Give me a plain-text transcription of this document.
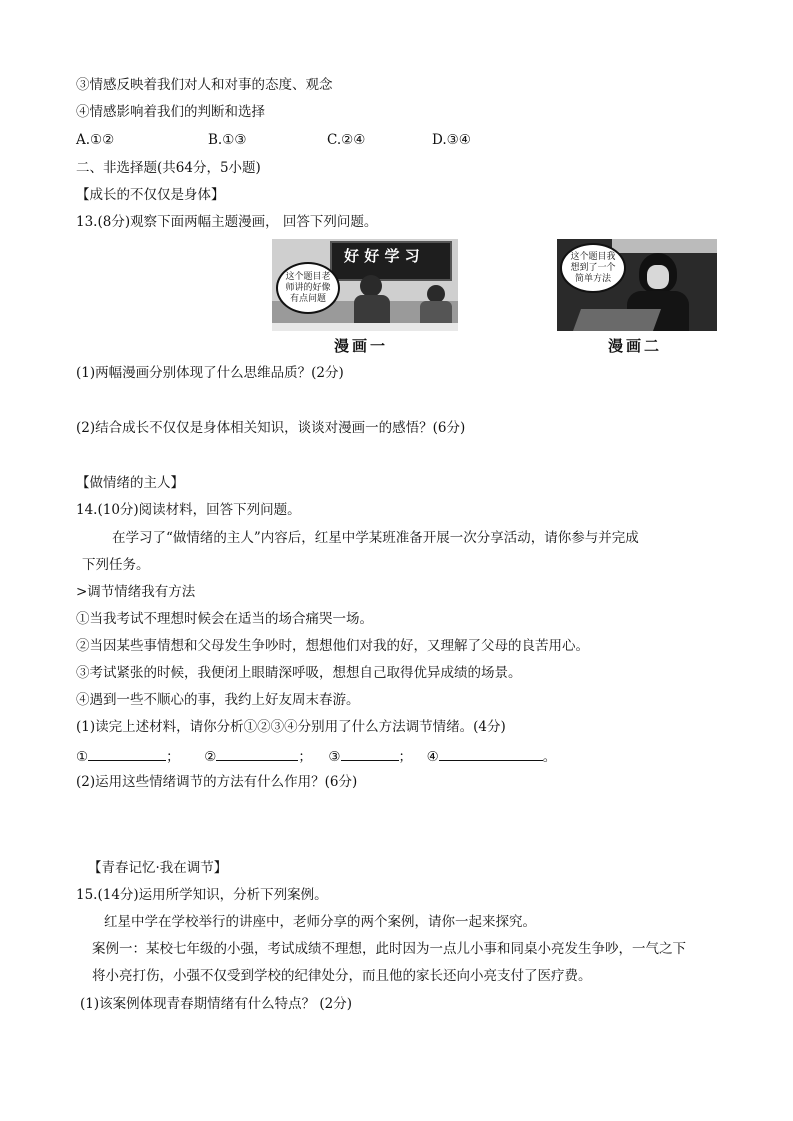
③情感反映着我们对人和对事的态度、观念
④情感影响着我们的判断和选择
A.①②	B.①③	C.②④	D.③④
二、非选择题(共64分，5小题)
【成长的不仅仅是身体】
13.(8分)观察下面两幅主题漫画， 回答下列问题。
好 好 学 习
这个题目老师讲的好像有点问题
漫画一
这个题目我想到了一个简单方法
漫画二
(1)两幅漫画分别体现了什么思维品质？(2分)
(2)结合成长不仅仅是身体相关知识，谈谈对漫画一的感悟？(6分)
【做情绪的主人】
14.(10分)阅读材料，回答下列问题。
在学习了“做情绪的主人”内容后，红星中学某班准备开展一次分享活动，请你参与并完成
下列任务。
>调节情绪我有方法
①当我考试不理想时候会在适当的场合痛哭一场。
②当因某些事情想和父母发生争吵时，想想他们对我的好，又理解了父母的良苦用心。
③考试紧张的时候，我便闭上眼睛深呼吸，想想自己取得优异成绩的场景。
④遇到一些不顺心的事，我约上好友周末春游。
(1)读完上述材料，请你分析①②③④分别用了什么方法调节情绪。(4分)
①	； ②	； ③	； ④	。
(2)运用这些情绪调节的方法有什么作用？(6分)
【青春记忆·我在调节】
15.(14分)运用所学知识，分析下列案例。
红星中学在学校举行的讲座中，老师分享的两个案例，请你一起来探究。
案例一：某校七年级的小强，考试成绩不理想，此时因为一点儿小事和同桌小亮发生争吵，一气之下
将小亮打伤，小强不仅受到学校的纪律处分，而且他的家长还向小亮支付了医疗费。
(1)该案例体现青春期情绪有什么特点？ (2分)
